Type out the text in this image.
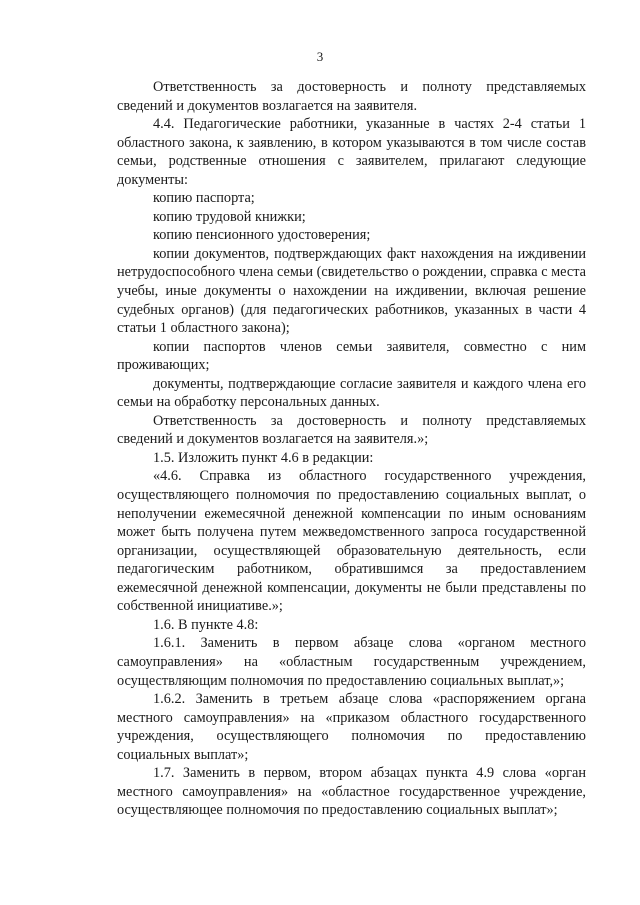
3

Ответственность за достоверность и полноту представляемых сведений и документов возлагается на заявителя.

4.4. Педагогические работники, указанные в частях 2-4 статьи 1 областного закона, к заявлению, в котором указываются в том числе состав семьи, родственные отношения с заявителем, прилагают следующие документы:

копию паспорта;

копию трудовой книжки;

копию пенсионного удостоверения;

копии документов, подтверждающих факт нахождения на иждивении нетрудоспособного члена семьи (свидетельство о рождении, справка с места учебы, иные документы о нахождении на иждивении, включая решение судебных органов) (для педагогических работников, указанных в части 4 статьи 1 областного закона);

копии паспортов членов семьи заявителя, совместно с ним проживающих;

документы, подтверждающие согласие заявителя и каждого члена его семьи на обработку персональных данных.

Ответственность за достоверность и полноту представляемых сведений и документов возлагается на заявителя.»;

1.5. Изложить пункт 4.6 в редакции:

«4.6. Справка из областного государственного учреждения, осуществляющего полномочия по предоставлению социальных выплат, о неполучении ежемесячной денежной компенсации по иным основаниям может быть получена путем межведомственного запроса государственной организации, осуществляющей образовательную деятельность, если педагогическим работником, обратившимся за предоставлением ежемесячной денежной компенсации, документы не были представлены по собственной инициативе.»;

1.6. В пункте 4.8:

1.6.1. Заменить в первом абзаце слова «органом местного самоуправления» на «областным государственным учреждением, осуществляющим полномочия по предоставлению социальных выплат,»;

1.6.2. Заменить в третьем абзаце слова «распоряжением органа местного самоуправления» на «приказом областного государственного учреждения, осуществляющего полномочия по предоставлению социальных выплат»;

1.7. Заменить в первом, втором абзацах пункта 4.9 слова «орган местного самоуправления» на «областное государственное учреждение, осуществляющее полномочия по предоставлению социальных выплат»;
